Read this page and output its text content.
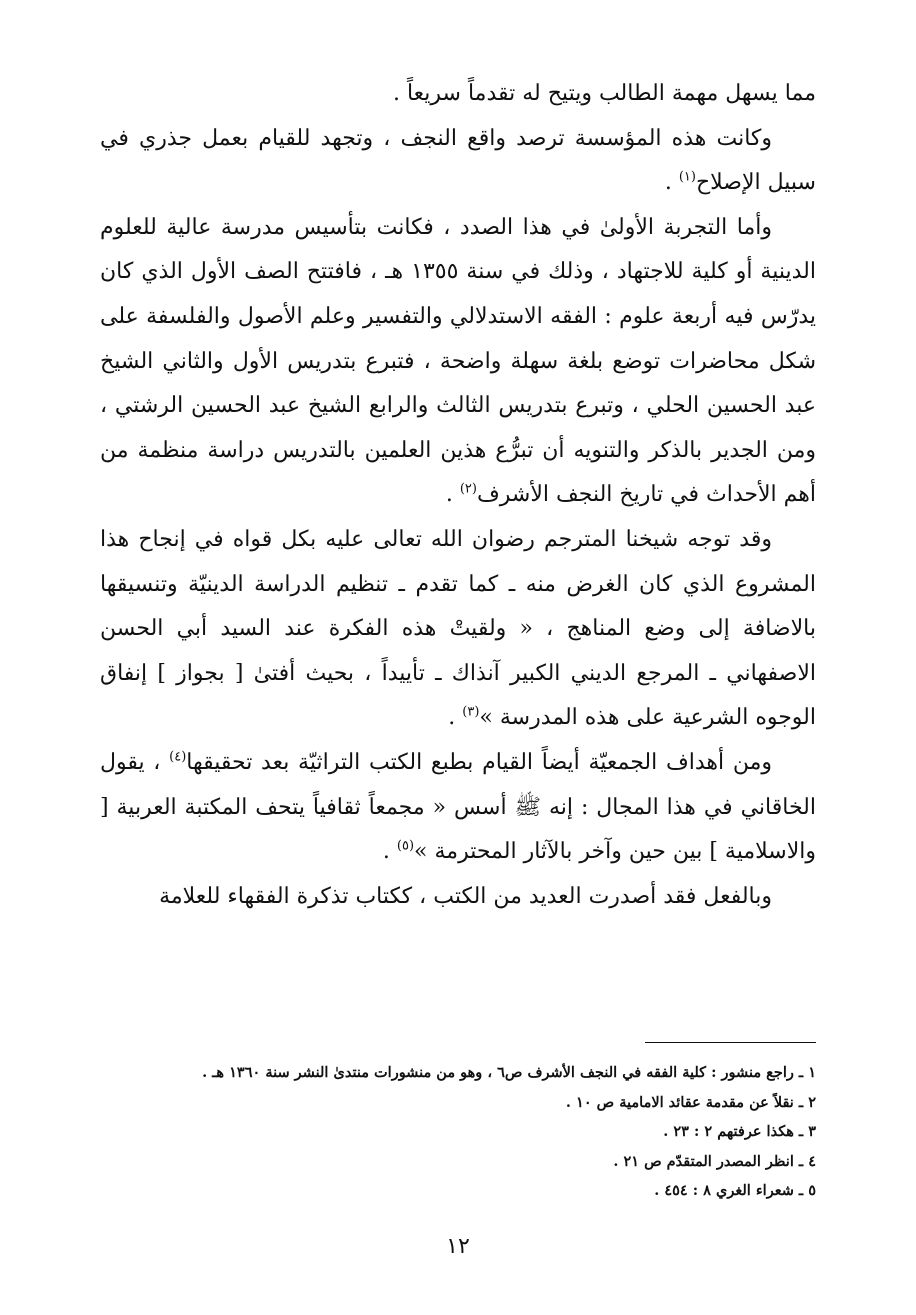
مما يسهل مهمة الطالب ويتيح له تقدماً سريعاً .

وكانت هذه المؤسسة ترصد واقع النجف ، وتجهد للقيام بعمل جذري في سبيل الإصلاح$^{(١)}$ .

وأما التجربة الأولىٰ في هذا الصدد ، فكانت بتأسيس مدرسة عالية للعلوم الدينية أو كلية للاجتهاد ، وذلك في سنة ١٣٥٥ هـ ، فافتتح الصف الأول الذي كان يدرّس فيه أربعة علوم : الفقه الاستدلالي والتفسير وعلم الأصول والفلسفة على شكل محاضرات توضع بلغة سهلة واضحة ، فتبرع بتدريس الأول والثاني الشيخ عبد الحسين الحلي ، وتبرع بتدريس الثالث والرابع الشيخ عبد الحسين الرشتي ، ومن الجدير بالذكر والتنويه أن تبرُّع هذين العلمين بالتدريس دراسة منظمة من أهم الأحداث في تاريخ النجف الأشرف$^{(٢)}$ .

وقد توجه شيخنا المترجم رضوان الله تعالى عليه بكل قواه في إنجاح هذا المشروع الذي كان الغرض منه ـ كما تقدم ـ تنظيم الدراسة الدينيّة وتنسيقها بالاضافة إلى وضع المناهج ، « ولقيتْ هذه الفكرة عند السيد أبي الحسن الاصفهاني ـ المرجع الديني الكبير آنذاك ـ تأييداً ، بحيث أفتىٰ [ بجواز ] إنفاق الوجوه الشرعية على هذه المدرسة »$^{(٣)}$ .

ومن أهداف الجمعيّة أيضاً القيام بطبع الكتب التراثيّة بعد تحقيقها$^{(٤)}$ ، يقول الخاقاني في هذا المجال : إنه ﷺ أسس « مجمعاً ثقافياً يتحف المكتبة العربية [ والاسلامية ] بين حين وآخر بالآثار المحترمة »$^{(٥)}$ .

وبالفعل فقد أصدرت العديد من الكتب ، ككتاب تذكرة الفقهاء للعلامة

١ ـ راجع منشور : كلية الفقه في النجف الأشرف ص٦ ، وهو من منشورات منتدىٰ النشر سنة ١٣٦٠ هـ .
٢ ـ نقلاً عن مقدمة عقائد الامامية ص ١٠ .
٣ ـ هكذا عرفتهم ٢ : ٢٣ .
٤ ـ انظر المصدر المتقدّم ص ٢١ .
٥ ـ شعراء الغري ٨ : ٤٥٤ .
١٢
